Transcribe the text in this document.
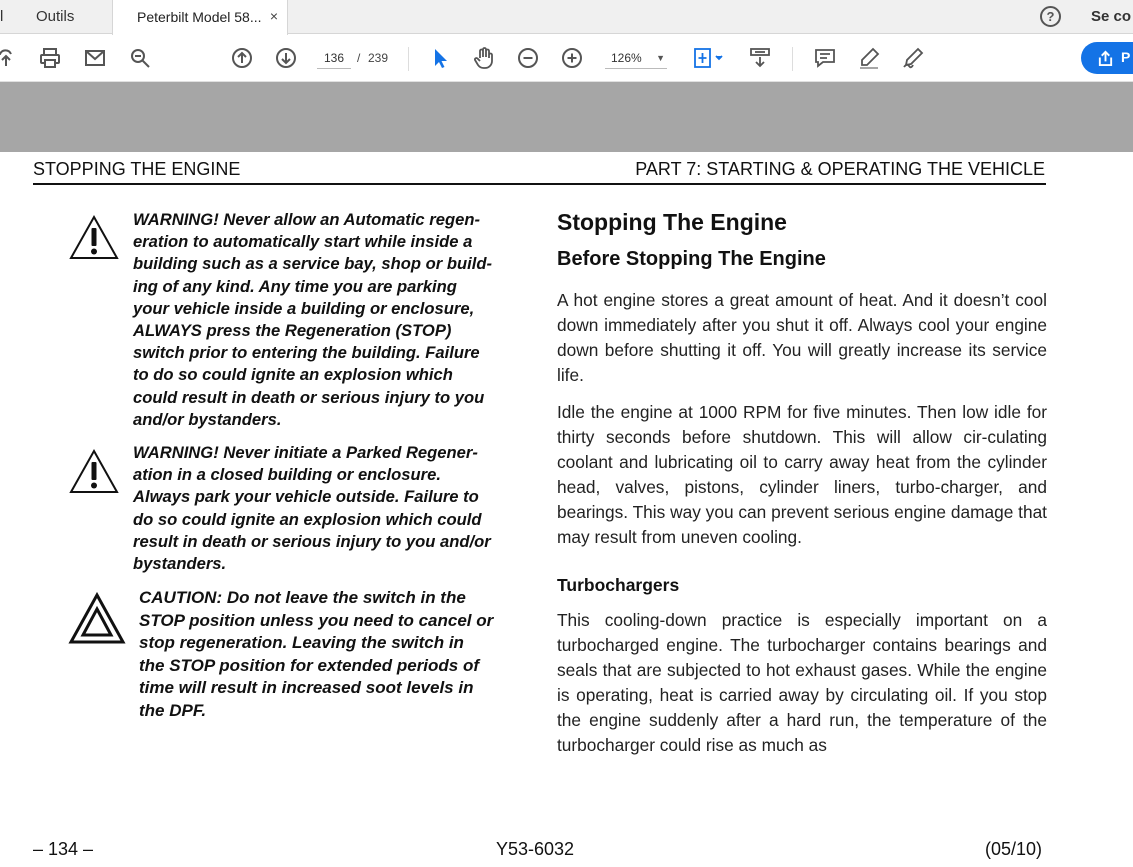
l	Outils	Peterbilt Model 58... ×	?	Se co
136	/ 239	126% ▼	P
STOPPING THE ENGINE	PART 7: STARTING & OPERATING THE VEHICLE
WARNING! Never allow an Automatic regen-
eration to automatically start while inside a
building such as a service bay, shop or build-
ing of any kind. Any time you are parking
your vehicle inside a building or enclosure,
ALWAYS press the Regeneration (STOP)
switch prior to entering the building. Failure
to do so could ignite an explosion which
could result in death or serious injury to you
and/or bystanders.
WARNING! Never initiate a Parked Regener-
ation in a closed building or enclosure.
Always park your vehicle outside. Failure to
do so could ignite an explosion which could
result in death or serious injury to you and/or
bystanders.
CAUTION: Do not leave the switch in the
STOP position unless you need to cancel or
stop regeneration. Leaving the switch in
the STOP position for extended periods of
time will result in increased soot levels in
the DPF.
Stopping The Engine
Before Stopping The Engine
A hot engine stores a great amount of heat. And it doesn’t cool down immediately after you shut it off. Always cool your engine down before shutting it off. You will greatly increase its service life.
Idle the engine at 1000 RPM for five minutes. Then low idle for thirty seconds before shutdown. This will allow cir-culating coolant and lubricating oil to carry away heat from the cylinder head, valves, pistons, cylinder liners, turbo-charger, and bearings. This way you can prevent serious engine damage that may result from uneven cooling.
Turbochargers
This cooling-down practice is especially important on a turbocharged engine. The turbocharger contains bearings and seals that are subjected to hot exhaust gases. While the engine is operating, heat is carried away by circulating oil. If you stop the engine suddenly after a hard run, the temperature of the turbocharger could rise as much as
– 134 –	Y53-6032	(05/10)
